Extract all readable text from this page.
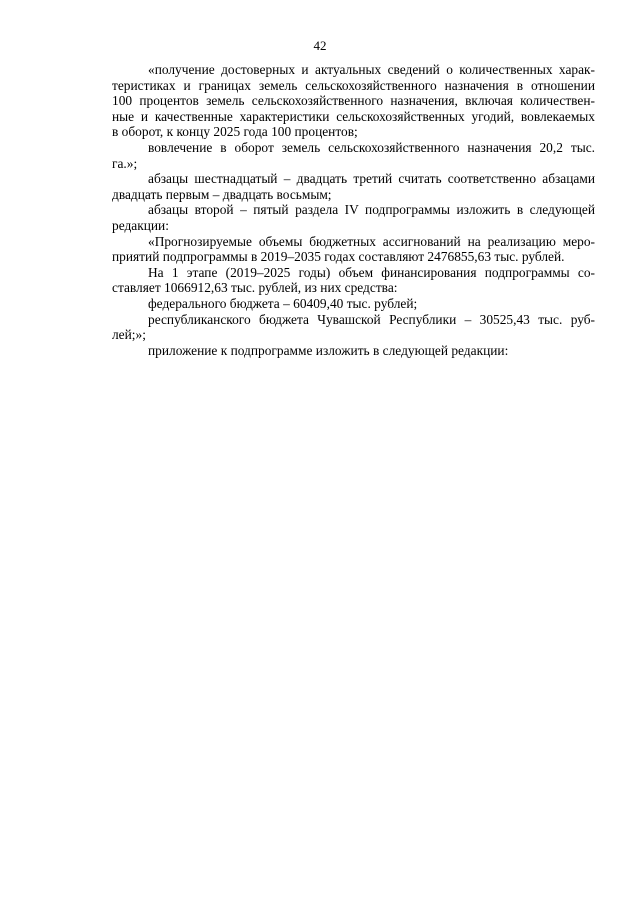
42
«получение достоверных и актуальных сведений о количественных харак-
теристиках и границах земель сельскохозяйственного назначения в отношении
100 процентов земель сельскохозяйственного назначения, включая количествен-
ные и качественные характеристики сельскохозяйственных угодий, вовлекаемых
в оборот, к концу 2025 года 100 процентов;
вовлечение в оборот земель сельскохозяйственного назначения 20,2 тыс.
га.»;
абзацы шестнадцатый – двадцать третий считать соответственно абзацами
двадцать первым – двадцать восьмым;
абзацы второй – пятый раздела IV подпрограммы изложить в следующей
редакции:
«Прогнозируемые объемы бюджетных ассигнований на реализацию меро-
приятий подпрограммы в 2019–2035 годах составляют 2476855,63 тыс. рублей.
На 1 этапе (2019–2025 годы) объем финансирования подпрограммы со-
ставляет 1066912,63 тыс. рублей, из них средства:
федерального бюджета – 60409,40 тыс. рублей;
республиканского бюджета Чувашской Республики – 30525,43 тыс. руб-
лей;»;
приложение к подпрограмме изложить в следующей редакции:
